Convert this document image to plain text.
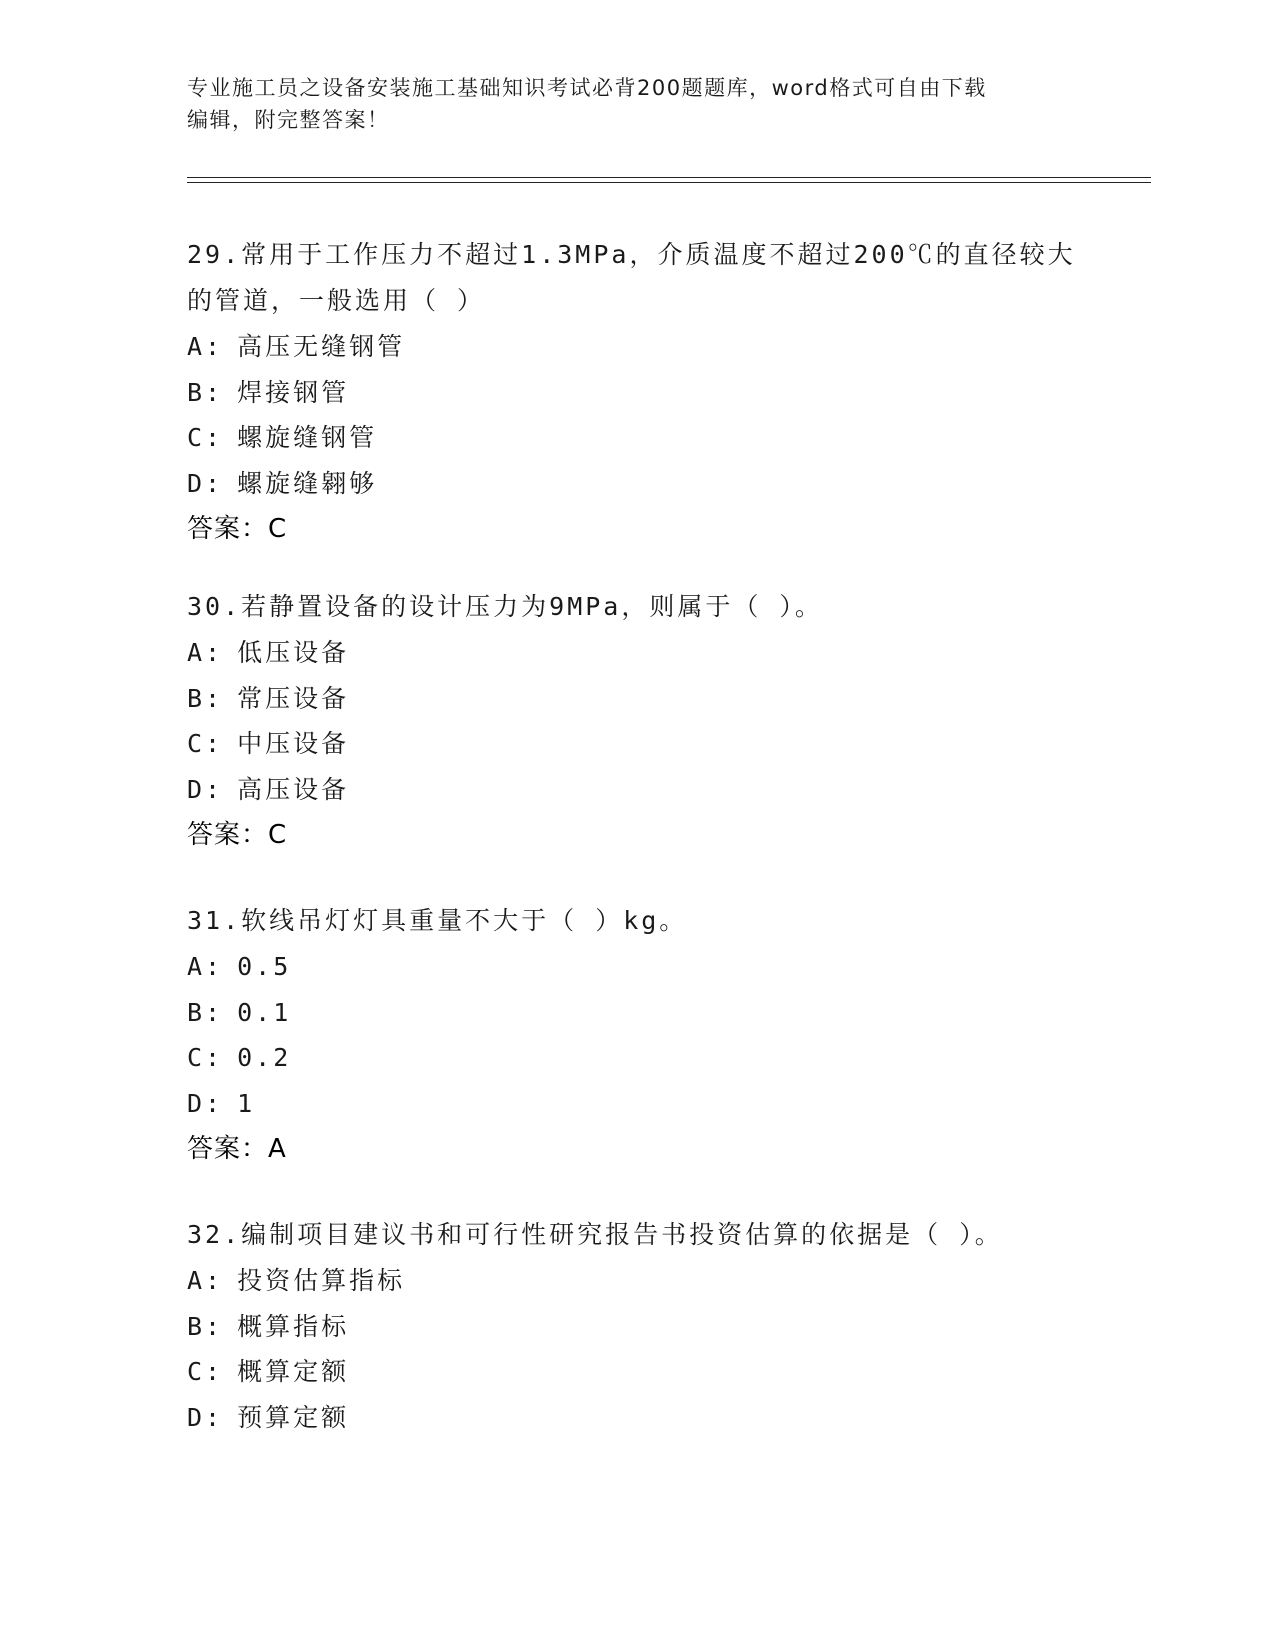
专业施工员之设备安装施工基础知识考试必背200题题库，word格式可自由下载
编辑，附完整答案！

29.常用于工作压力不超过1.3MPa，介质温度不超过200℃的直径较大

的管道，一般选用（ ）

A: 高压无缝钢管

B: 焊接钢管

C: 螺旋缝钢管

D: 螺旋缝翱够

答案：C

30.若静置设备的设计压力为9MPa，则属于（ ）。

A: 低压设备

B: 常压设备

C: 中压设备

D: 高压设备

答案：C

31.软线吊灯灯具重量不大于（ ）kg。

A: 0.5

B: 0.1

C: 0.2

D: 1

答案：A

32.编制项目建议书和可行性研究报告书投资估算的依据是（ ）。

A: 投资估算指标

B: 概算指标

C: 概算定额

D: 预算定额
